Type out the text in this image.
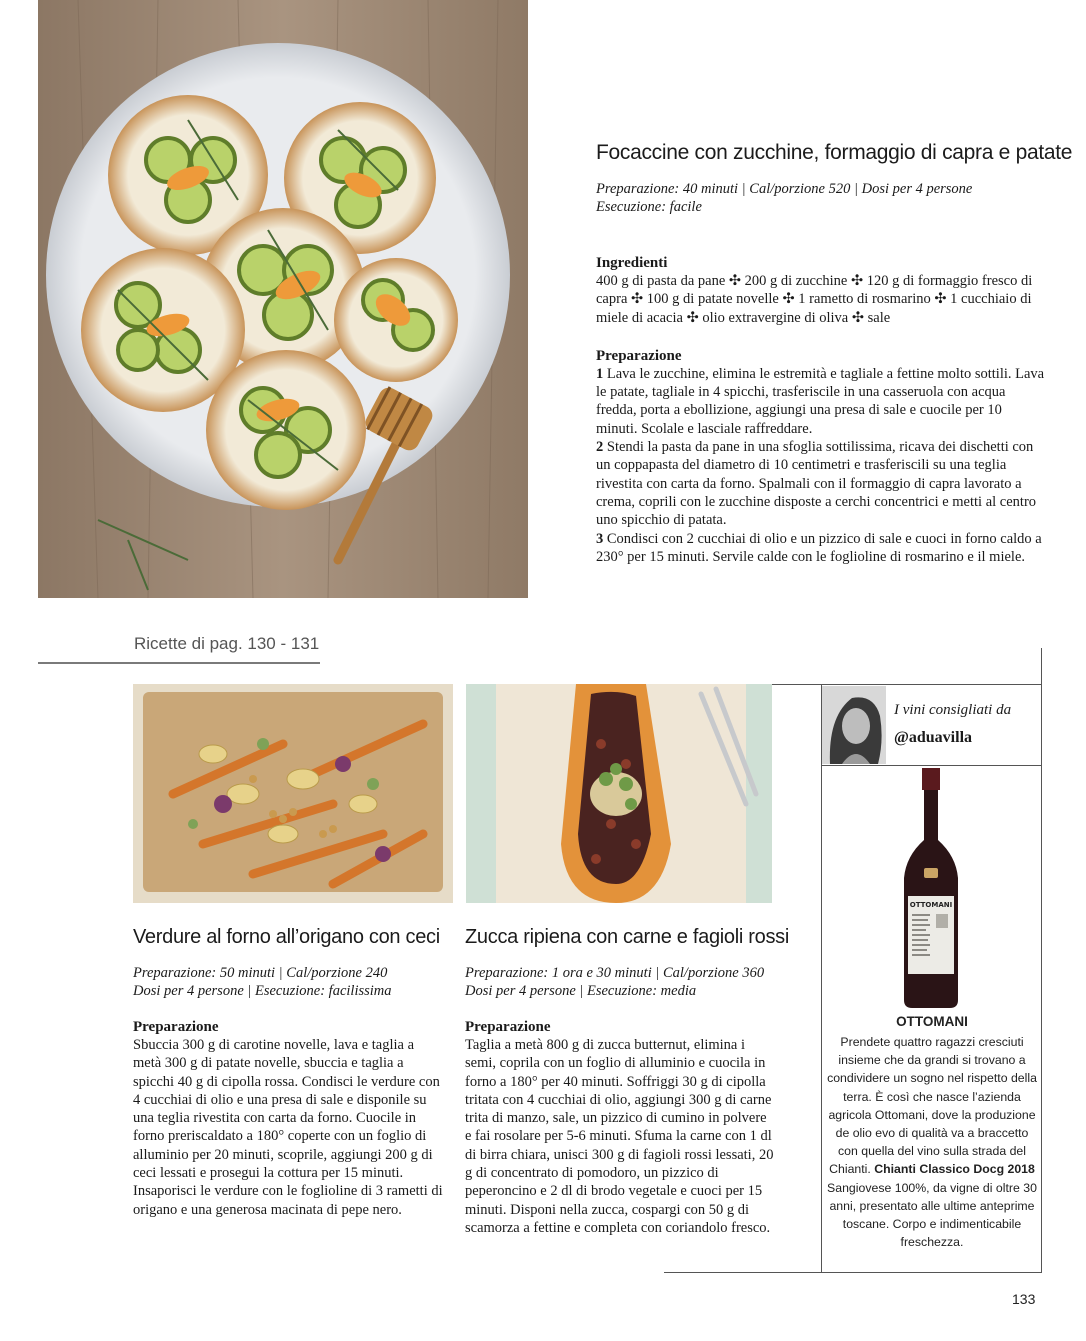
Focaccine con zucchine, formaggio di capra e patate
Preparazione: 40 minuti | Cal/porzione 520 | Dosi per 4 persone
Esecuzione: facile
Ingredienti
400 g di pasta da pane ✣ 200 g di zucchine ✣ 120 g di formaggio fresco di capra ✣ 100 g di patate novelle ✣ 1 rametto di rosmarino ✣ 1 cucchiaio di miele di acacia ✣ olio extravergine di oliva ✣ sale
Preparazione

1 Lava le zucchine, elimina le estremità e tagliale a fettine molto sottili. Lava le patate, tagliale in 4 spicchi, trasferiscile in una casseruola con acqua fredda, porta a ebollizione, aggiungi una presa di sale e cuocile per 10 minuti. Scolale e lasciale raffreddare.

2 Stendi la pasta da pane in una sfoglia sottilissima, ricava dei dischetti con un coppapasta del diametro di 10 centimetri e trasferiscili su una teglia rivestita con carta da forno. Spalmali con il formaggio di capra lavorato a crema, coprili con le zucchine disposte a cerchi concentrici e metti al centro uno spicchio di patata.

3 Condisci con 2 cucchiai di olio e un pizzico di sale e cuoci in forno caldo a 230° per 15 minuti. Servile calde con le foglioline di rosmarino e il miele.

Ricette di pag. 130 - 131
Verdure al forno all’origano con ceci
Preparazione: 50 minuti | Cal/porzione 240
Dosi per 4 persone | Esecuzione: facilissima
Preparazione
Sbuccia 300 g di carotine novelle, lava e taglia a metà 300 g di patate novelle, sbuccia e taglia a spicchi 40 g di cipolla rossa. Condisci le verdure con 4 cucchiai di olio e una presa di sale e disponile su una teglia rivestita con carta da forno. Cuocile in forno preriscaldato a 180° coperte con un foglio di alluminio per 20 minuti, scoprile, aggiungi 200 g di ceci lessati e prosegui la cottura per 15 minuti. Insaporisci le verdure con le foglioline di 3 rametti di origano e una generosa macinata di pepe nero.
Zucca ripiena con carne e fagioli rossi
Preparazione: 1 ora e 30 minuti | Cal/porzione 360
Dosi per 4 persone | Esecuzione: media
Preparazione
Taglia a metà 800 g di zucca butternut, elimina i semi, coprila con un foglio di alluminio e cuocila in forno a 180° per 40 minuti. Soffriggi 30 g di cipolla tritata con 4 cucchiai di olio, aggiungi 300 g di carne trita di manzo, sale, un pizzico di cumino in polvere e fai rosolare per 5-6 minuti. Sfuma la carne con 1 dl di birra chiara, unisci 300 g di fagioli rossi lessati, 20 g di concentrato di pomodoro, un pizzico di peperoncino e 2 dl di brodo vegetale e cuoci per 15 minuti. Disponi nella zucca, cospargi con 50 g di scamorza a fettine e completa con coriandolo fresco.
I vini consigliati da
@aduavilla
OTTOMANI
OTTOMANI
Prendete quattro ragazzi cresciuti insieme che da grandi si trovano a condividere un sogno nel rispetto della terra. È così che nasce l’azienda agricola Ottomani, dove la produzione de olio evo di qualità va a braccetto con quella del vino sulla strada del Chianti. Chianti Classico Docg 2018 Sangiovese 100%, da vigne di oltre 30 anni, presentato alle ultime anteprime toscane. Corpo e indimenticabile freschezza.
133
